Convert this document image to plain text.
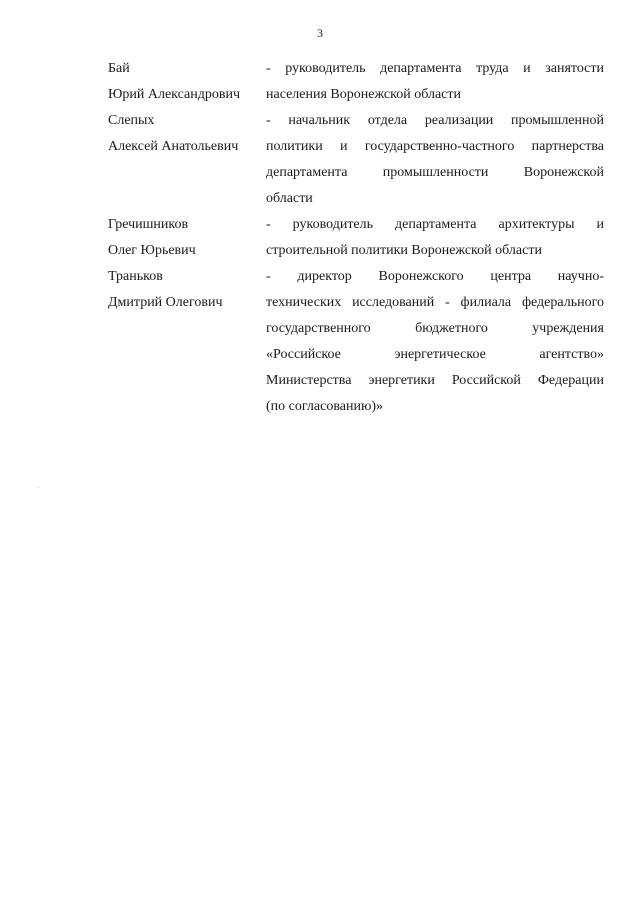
3
Бай
Юрий Александрович
- руководитель департамента труда и занятости
населения Воронежской области
Слепых
Алексей Анатольевич
- начальник отдела реализации промышленной
политики и государственно-частного партнерства
департамента промышленности Воронежской
области
Гречишников
Олег Юрьевич
- руководитель департамента архитектуры и
строительной политики Воронежской области
Траньков
Дмитрий Олегович
- директор Воронежского центра научно-
технических исследований - филиала федерального
государственного бюджетного учреждения
«Российское энергетическое агентство»
Министерства энергетики Российской Федерации
(по согласованию)»
